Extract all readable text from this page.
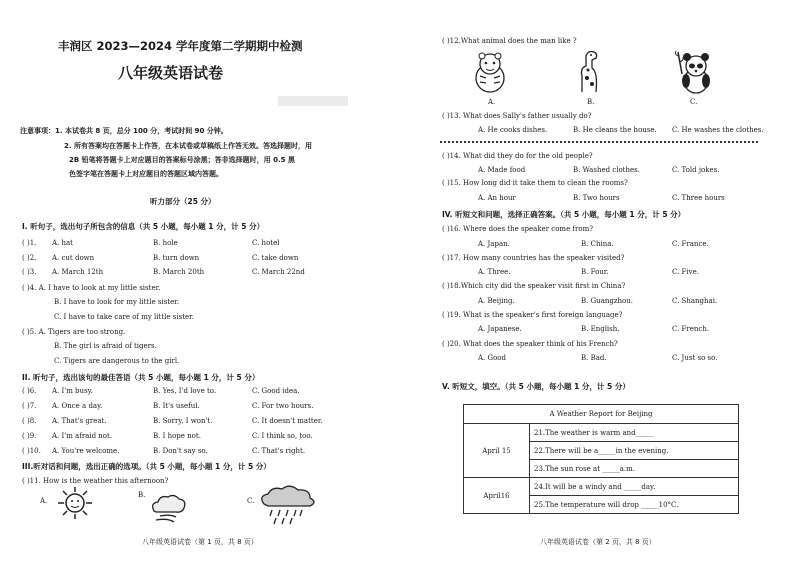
丰润区 2023—2024 学年度第二学期期中检测
八年级英语试卷
注意事项：1. 本试卷共 8 页，总分 100 分，考试时间 90 分钟。
2. 所有答案均在答题卡上作答，在本试卷或草稿纸上作答无效。答选择题时，用
2B 铅笔将答题卡上对应题目的答案标号涂黑；答非选择题时，用 0.5 黑
色签字笔在答题卡上对应题目的答题区域内答题。
听力部分（25 分）
I. 听句子，选出句子所包含的信息（共 5 小题，每小题 1 分，计 5 分）
( )1. A. hat	B. hole	C. hotel
( )2. A. cut down	B. turn down	C. take down
( )3. A. March 12th	B. March 20th	C. March 22nd
( )4. A. I have to look at my little sister.
B. I have to look for my little sister.
C. I have to take care of my little sister.
( )5. A. Tigers are too strong.
B. The girl is afraid of tigers.
C. Tigers are dangerous to the girl.
II. 听句子，选出该句的最佳答语（共 5 小题，每小题 1 分，计 5 分）
( )6. A. I'm busy.	B. Yes, I'd love to.	C. Good idea.
( )7. A. Once a day.	B. It's useful.	C. For two hours.
( )8. A. That's great.	B. Sorry, I won't.	C. It doesn't matter.
( )9. A. I'm afraid not.	B. I hope not.	C. I think so, too.
( )10. A. You're welcome.	B. Don't say so.	C. That's right.
III.听对话和问题，选出正确的选项。（共 5 小题，每小题 1 分，计 5 分）
( )11. How is the weather this afternoon?
A.
B.
C.
八年级英语试卷（第 1 页，共 8 页）
( )12.What animal does the man like ?
A.	B.	C.
( )13. What does Sally's father usually do?
A. He cooks dishes.	B. He cleans the house. C. He washes the clothes.
( )14. What did they do for the old people?
A. Made food	B. Washed clothes.	C. Told jokes.
( )15. How long did it take them to clean the rooms?
A. An hour	B. Two hours	C. Three hours
IV. 听短文和问题，选择正确答案。（共 5 小题，每小题 1 分，计 5 分）
( )16. Where does the speaker come from?
A. Japan.	B. China.	C. France.
( )17. How many countries has the speaker visited?
A. Three.	B. Four.	C. Five.
( )18.Which city did the speaker visit first in China?
A. Beijing.	B. Guangzhou.	C. Shanghai.
( )19. What is the speaker's first foreign language?
A. Japanese.	B. English.	C. French.
( )20. What does the speaker think of his French?
A. Good	B. Bad.	C. Just so so.
V. 听短文，填空。（共 5 小题，每小题 1 分，计 5 分）
A Weather Report for Beijing	
April 15	21.The weather is warm and_____
	22.There will be a_____in the evening.
	23.The sun rose at _____a.m.
April16	24.It will be a windy and _____day.
	25.The temperature will drop _____10°C.
八年级英语试卷（第 2 页，共 8 页）
